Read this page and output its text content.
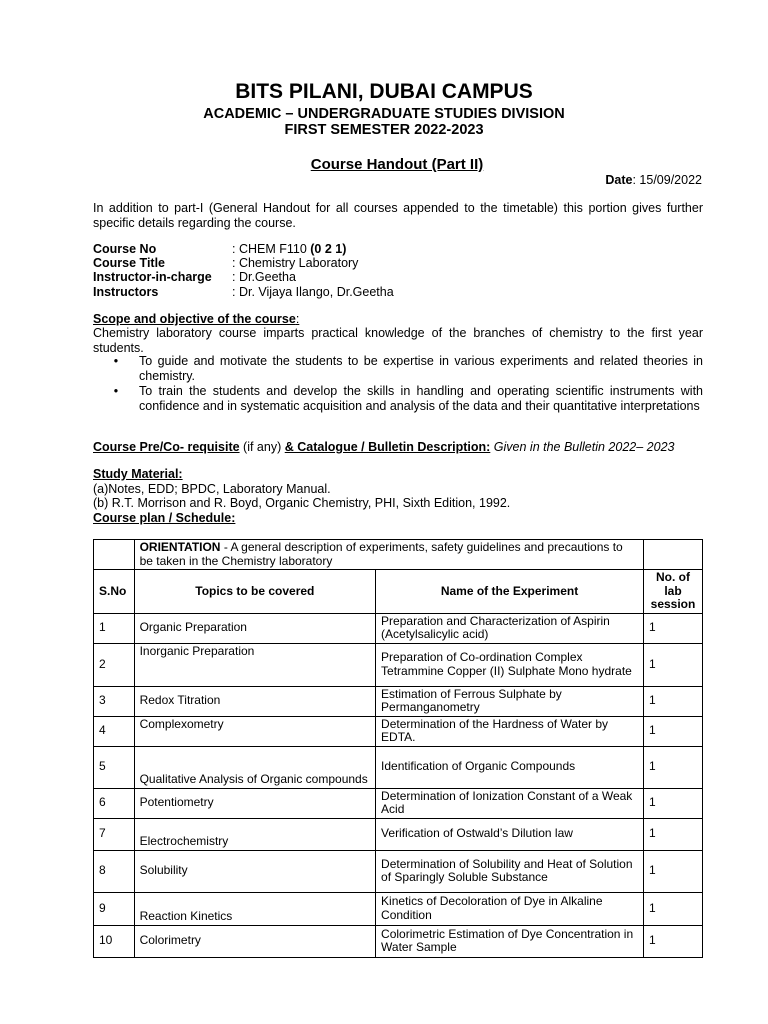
BITS PILANI, DUBAI CAMPUS
ACADEMIC – UNDERGRADUATE STUDIES DIVISION
FIRST SEMESTER 2022-2023
Course Handout (Part II)
Date: 15/09/2022
In addition to part-I (General Handout for all courses appended to the timetable) this portion gives further specific details regarding the course.
Course No	: CHEM F110 (0 2 1)
Course Title	: Chemistry Laboratory
Instructor-in-charge	: Dr.Geetha
Instructors	: Dr. Vijaya Ilango, Dr.Geetha
Scope and objective of the course:
Chemistry laboratory course imparts practical knowledge of the branches of chemistry to the first year students.
•	To guide and motivate the students to be expertise in various experiments and related theories in chemistry.
•	To train the students and develop the skills in handling and operating scientific instruments with confidence and in systematic acquisition and analysis of the data and their quantitative interpretations
Course Pre/Co- requisite (if any) & Catalogue / Bulletin Description: Given in the Bulletin 2022– 2023
Study Material:
(a)Notes, EDD; BPDC, Laboratory Manual.
(b) R.T. Morrison and R. Boyd, Organic Chemistry, PHI, Sixth Edition, 1992.
Course plan / Schedule:
	ORIENTATION - A general description of experiments, safety guidelines and precautions to be taken in the Chemistry laboratory		
S.No	Topics to be covered	Name of the Experiment	No. of lab session
1	Organic Preparation	Preparation and Characterization of Aspirin (Acetylsalicylic acid)	1
2	Inorganic Preparation	Preparation of Co-ordination Complex Tetrammine Copper (II) Sulphate Mono hydrate	1
3	Redox Titration	Estimation of Ferrous Sulphate by Permanganometry	1
4	Complexometry	Determination of the Hardness of Water by EDTA.	1
5	Qualitative Analysis of Organic compounds	Identification of Organic Compounds	1
6	Potentiometry	Determination of Ionization Constant of a Weak Acid	1
7	Electrochemistry	Verification of Ostwald’s Dilution law	1
8	Solubility	Determination of Solubility and Heat of Solution of Sparingly Soluble Substance	1
9	Reaction Kinetics	Kinetics of Decoloration of Dye in Alkaline Condition	1
10	Colorimetry	Colorimetric Estimation of Dye Concentration in Water Sample	1
